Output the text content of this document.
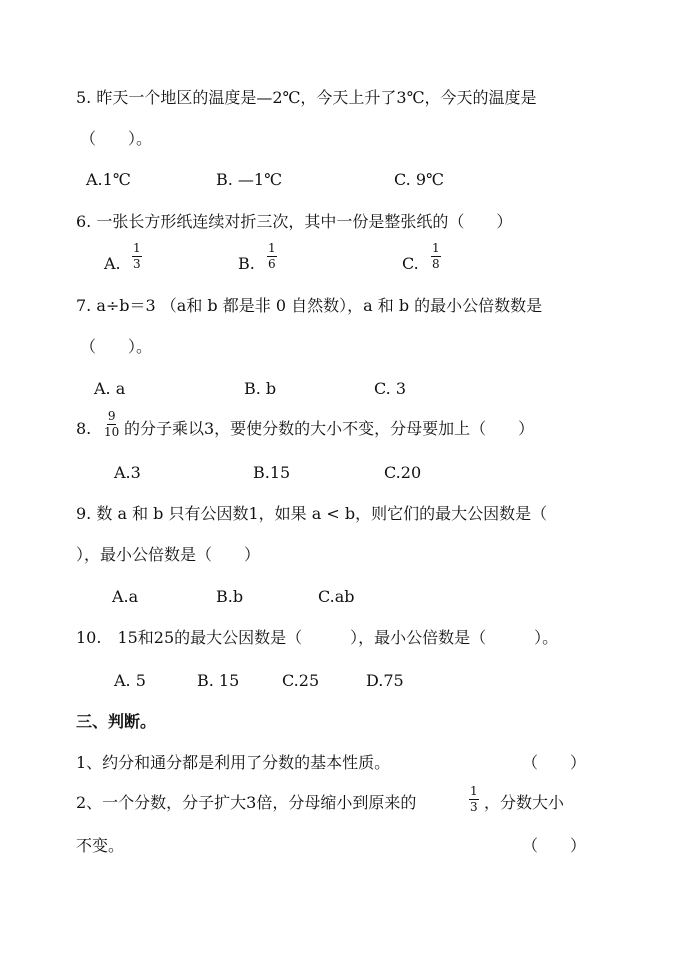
5. 昨天一个地区的温度是—2℃，今天上升了3℃，今天的温度是
（　　）。
A.1℃	B. —1℃	C. 9℃
6. 一张长方形纸连续对折三次，其中一份是整张纸的（　　）
A. $\frac{1}{3}$	B. $\frac{1}{6}$	C. $\frac{1}{8}$
7. a÷b＝3 （a和 b 都是非 0 自然数），a 和 b 的最小公倍数数是
（　　）。
A. a	B. b	C. 3
8. $\frac{9}{10}$ 的分子乘以3，要使分数的大小不变，分母要加上（　　）
A.3	B.15	C.20
9. 数 a 和 b 只有公因数1，如果 a < b，则它们的最大公因数是（
），最小公倍数是（　　）
A.a	B.b	C.ab
10.　15和25的最大公因数是（　　　），最小公倍数是（　　　）。
A. 5	B. 15	C.25	D.75
三、判断。
1、约分和通分都是利用了分数的基本性质。	（　　）
2、一个分数，分子扩大3倍，分母缩小到原来的	$\frac{1}{3}$ ，分数大小
不变。	（　　）
